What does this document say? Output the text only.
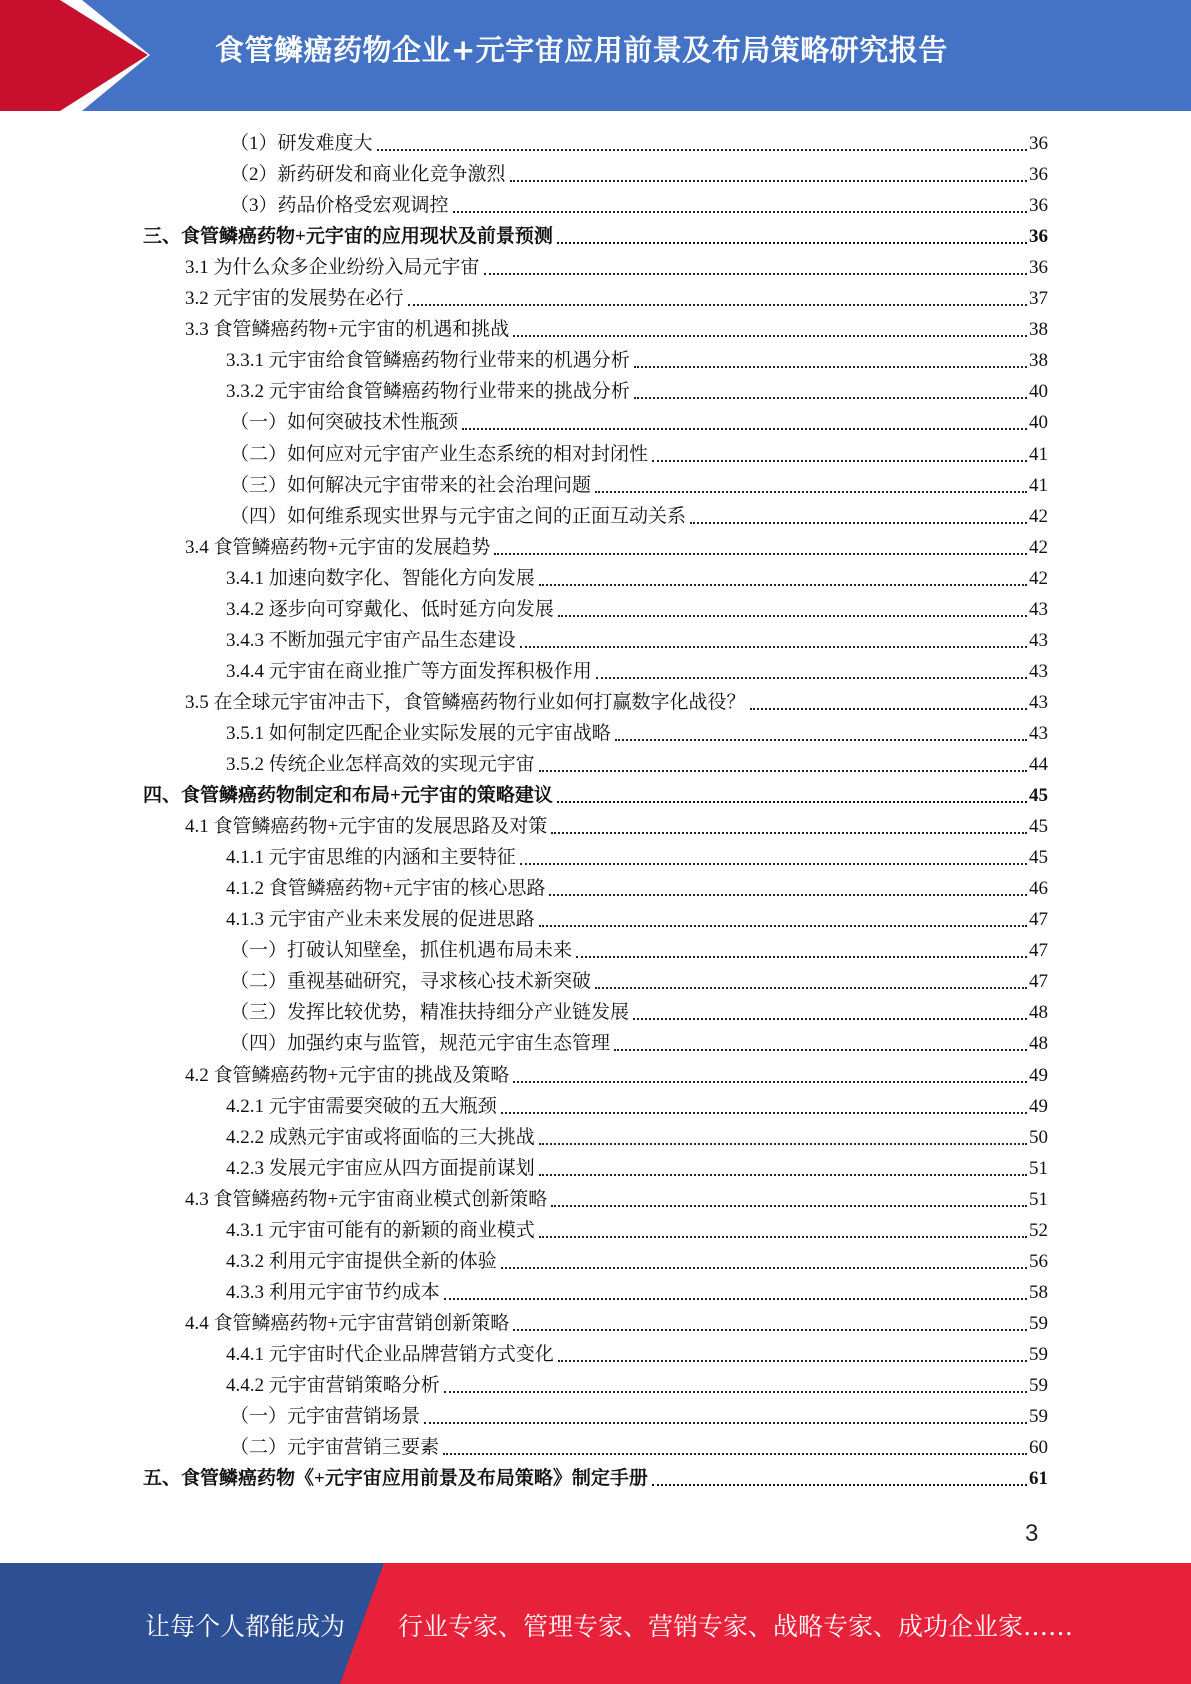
食管鳞癌药物企业+元宇宙应用前景及布局策略研究报告
（1）研发难度大	36
（2）新药研发和商业化竞争激烈	36
（3）药品价格受宏观调控	36
三、食管鳞癌药物+元宇宙的应用现状及前景预测	36
3.1 为什么众多企业纷纷入局元宇宙	36
3.2 元宇宙的发展势在必行	37
3.3 食管鳞癌药物+元宇宙的机遇和挑战	38
3.3.1 元宇宙给食管鳞癌药物行业带来的机遇分析	38
3.3.2 元宇宙给食管鳞癌药物行业带来的挑战分析	40
（一）如何突破技术性瓶颈	40
（二）如何应对元宇宙产业生态系统的相对封闭性	41
（三）如何解决元宇宙带来的社会治理问题	41
（四）如何维系现实世界与元宇宙之间的正面互动关系	42
3.4 食管鳞癌药物+元宇宙的发展趋势	42
3.4.1 加速向数字化、智能化方向发展	42
3.4.2 逐步向可穿戴化、低时延方向发展	43
3.4.3 不断加强元宇宙产品生态建设	43
3.4.4 元宇宙在商业推广等方面发挥积极作用	43
3.5 在全球元宇宙冲击下，食管鳞癌药物行业如何打赢数字化战役？	43
3.5.1 如何制定匹配企业实际发展的元宇宙战略	43
3.5.2 传统企业怎样高效的实现元宇宙	44
四、食管鳞癌药物制定和布局+元宇宙的策略建议	45
4.1 食管鳞癌药物+元宇宙的发展思路及对策	45
4.1.1 元宇宙思维的内涵和主要特征	45
4.1.2 食管鳞癌药物+元宇宙的核心思路	46
4.1.3 元宇宙产业未来发展的促进思路	47
（一）打破认知壁垒，抓住机遇布局未来	47
（二）重视基础研究，寻求核心技术新突破	47
（三）发挥比较优势，精准扶持细分产业链发展	48
（四）加强约束与监管，规范元宇宙生态管理	48
4.2 食管鳞癌药物+元宇宙的挑战及策略	49
4.2.1 元宇宙需要突破的五大瓶颈	49
4.2.2 成熟元宇宙或将面临的三大挑战	50
4.2.3 发展元宇宙应从四方面提前谋划	51
4.3 食管鳞癌药物+元宇宙商业模式创新策略	51
4.3.1 元宇宙可能有的新颖的商业模式	52
4.3.2 利用元宇宙提供全新的体验	56
4.3.3 利用元宇宙节约成本	58
4.4 食管鳞癌药物+元宇宙营销创新策略	59
4.4.1 元宇宙时代企业品牌营销方式变化	59
4.4.2 元宇宙营销策略分析	59
（一）元宇宙营销场景	59
（二）元宇宙营销三要素	60
五、食管鳞癌药物《+元宇宙应用前景及布局策略》制定手册	61
3
让每个人都能成为 行业专家、管理专家、营销专家、战略专家、成功企业家……
